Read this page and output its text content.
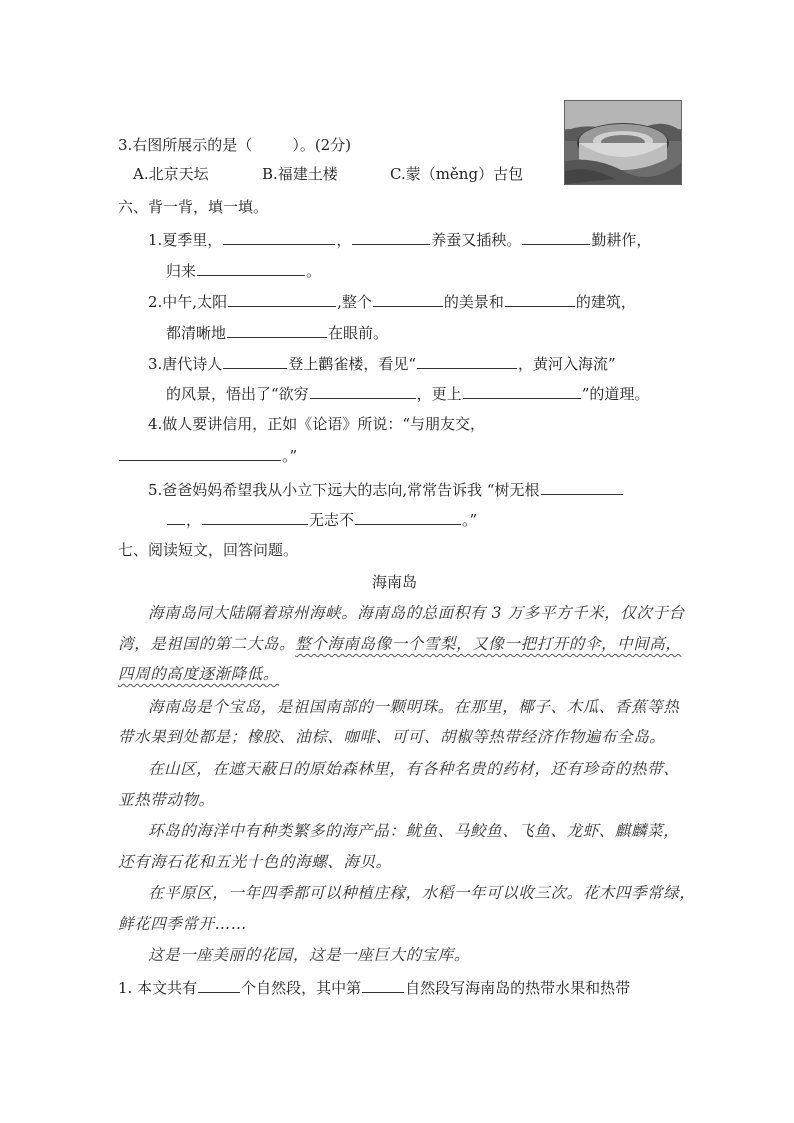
3.右图所展示的是（	）。(2分)
A.北京天坛	B.福建土楼	C.蒙（měng）古包
六、背一背，填一填。
1.夏季里，	，	养蚕又插秧。	勤耕作，
归来	。
2.中午,太阳	,整个	的美景和	的建筑，
都清晰地	在眼前。
3.唐代诗人	登上鹳雀楼，看见“	，黄河入海流”
的风景，悟出了“欲穷	，更上	”的道理。
4.做人要讲信用，正如《论语》所说：“与朋友交，
。”
5.爸爸妈妈希望我从小立下远大的志向,常常告诉我 “树无根
，	无志不	。”
七、阅读短文，回答问题。
海南岛
海南岛同大陆隔着琼州海峡。海南岛的总面积有 3 万多平方千米，仅次于台
湾，是祖国的第二大岛。整个海南岛像一个雪梨，又像一把打开的伞，中间高，
四周的高度逐渐降低。
海南岛是个宝岛，是祖国南部的一颗明珠。在那里，椰子、木瓜、香蕉等热
带水果到处都是；橡胶、油棕、咖啡、可可、胡椒等热带经济作物遍布全岛。
在山区，在遮天蔽日的原始森林里，有各种名贵的药材，还有珍奇的热带、
亚热带动物。
环岛的海洋中有种类繁多的海产品：鱿鱼、马鲛鱼、飞鱼、龙虾、麒麟菜，
还有海石花和五光十色的海螺、海贝。
在平原区，一年四季都可以种植庄稼，水稻一年可以收三次。花木四季常绿，
鲜花四季常开……
这是一座美丽的花园，这是一座巨大的宝库。
1. 本文共有	个自然段，其中第	自然段写海南岛的热带水果和热带
